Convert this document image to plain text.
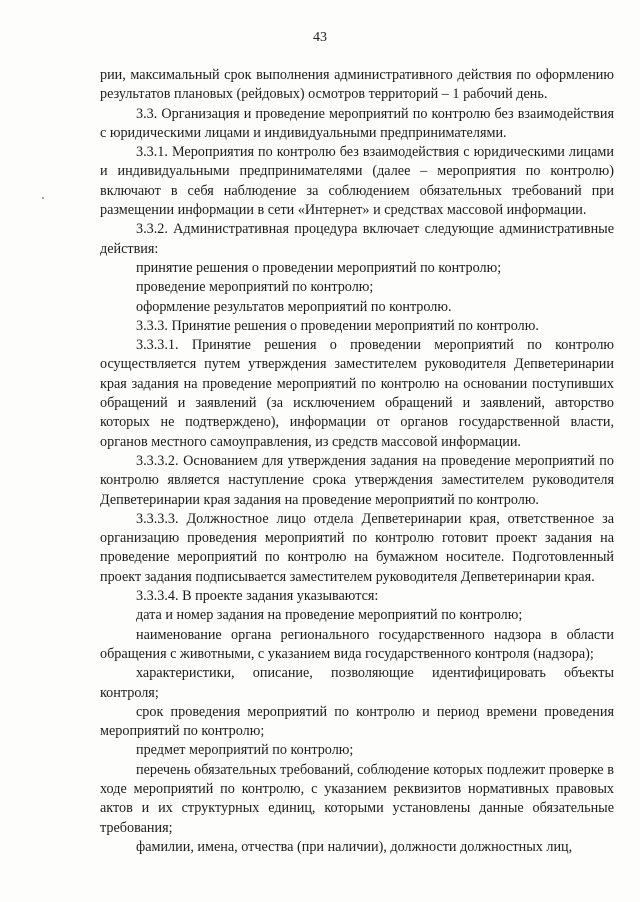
43

рии, максимальный срок выполнения административного действия по оформлению результатов плановых (рейдовых) осмотров территорий – 1 рабочий день.

3.3. Организация и проведение мероприятий по контролю без взаимодействия с юридическими лицами и индивидуальными предпринимателями.

3.3.1. Мероприятия по контролю без взаимодействия с юридическими лицами и индивидуальными предпринимателями (далее – мероприятия по контролю) включают в себя наблюдение за соблюдением обязательных требований при размещении информации в сети «Интернет» и средствах массовой информации.

3.3.2. Административная процедура включает следующие административные действия:

принятие решения о проведении мероприятий по контролю;

проведение мероприятий по контролю;

оформление результатов мероприятий по контролю.

3.3.3. Принятие решения о проведении мероприятий по контролю.

3.3.3.1. Принятие решения о проведении мероприятий по контролю осуществляется путем утверждения заместителем руководителя Депветеринарии края задания на проведение мероприятий по контролю на основании поступивших обращений и заявлений (за исключением обращений и заявлений, авторство которых не подтверждено), информации от органов государственной власти, органов местного самоуправления, из средств массовой информации.

3.3.3.2. Основанием для утверждения задания на проведение мероприятий по контролю является наступление срока утверждения заместителем руководителя Депветеринарии края задания на проведение мероприятий по контролю.

3.3.3.3. Должностное лицо отдела Депветеринарии края, ответственное за организацию проведения мероприятий по контролю готовит проект задания на проведение мероприятий по контролю на бумажном носителе. Подготовленный проект задания подписывается заместителем руководителя Депветеринарии края.

3.3.3.4. В проекте задания указываются:

дата и номер задания на проведение мероприятий по контролю;

наименование органа регионального государственного надзора в области обращения с животными, с указанием вида государственного контроля (надзора);

характеристики, описание, позволяющие идентифицировать объекты контроля;

срок проведения мероприятий по контролю и период времени проведения мероприятий по контролю;

предмет мероприятий по контролю;

перечень обязательных требований, соблюдение которых подлежит проверке в ходе мероприятий по контролю, с указанием реквизитов нормативных правовых актов и их структурных единиц, которыми установлены данные обязательные требования;

фамилии, имена, отчества (при наличии), должности должностных лиц,
